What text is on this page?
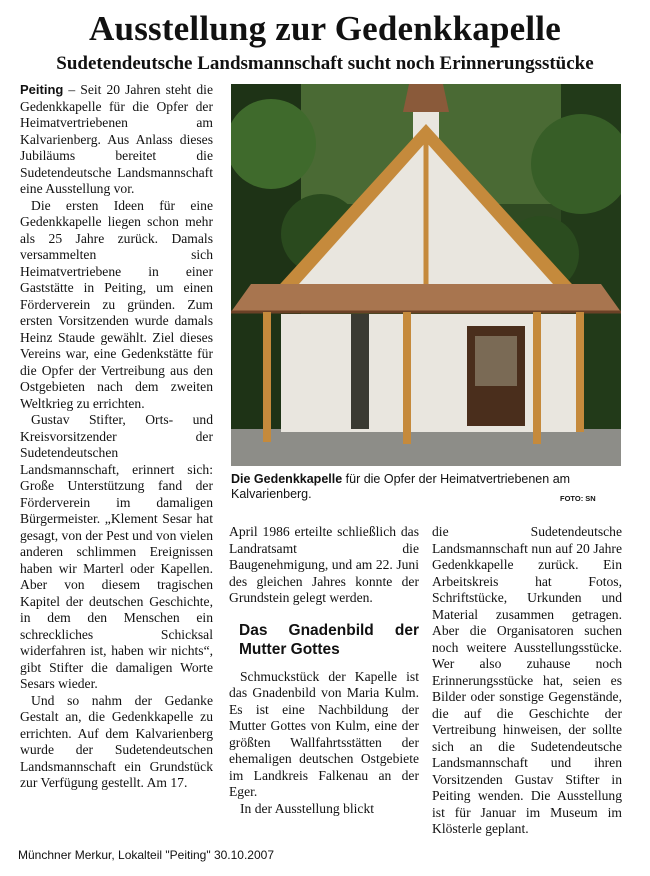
Ausstellung zur Gedenkkapelle
Sudetendeutsche Landsmannschaft sucht noch Erinnerungsstücke

Peiting – Seit 20 Jahren steht die Gedenkkapelle für die Opfer der Heimatvertriebenen am Kalvarienberg. Aus Anlass dieses Jubiläums bereitet die Sudetendeutsche Landsmannschaft eine Ausstellung vor.

Die ersten Ideen für eine Gedenkkapelle liegen schon mehr als 25 Jahre zurück. Damals versammelten sich Heimatvertriebene in einer Gaststätte in Peiting, um einen Förderverein zu gründen. Zum ersten Vorsitzenden wurde damals Heinz Staude gewählt. Ziel dieses Vereins war, eine Gedenkstätte für die Opfer der Vertreibung aus den Ostgebieten nach dem zweiten Weltkrieg zu errichten.

Gustav Stifter, Orts- und Kreisvorsitzender der Sudetendeutschen Landsmannschaft, erinnert sich: Große Unterstützung fand der Förderverein im damaligen Bürgermeister. „Klement Sesar hat gesagt, von der Pest und von vielen anderen schlimmen Ereignissen haben wir Marterl oder Kapellen. Aber von diesem tragischen Kapitel der deutschen Geschichte, in dem den Menschen ein schreckliches Schicksal widerfahren ist, haben wir nichts“, gibt Stifter die damaligen Worte Sesars wieder.

Und so nahm der Gedanke Gestalt an, die Gedenkkapelle zu errichten. Auf dem Kalvarienberg wurde der Sudetendeutschen Landsmannschaft ein Grundstück zur Verfügung gestellt. Am 17.

Die Gedenkkapelle für die Opfer der Heimatvertriebenen am Kalvarienberg.	FOTO: SN

April 1986 erteilte schließlich das Landratsamt die Baugenehmigung, und am 22. Juni des gleichen Jahres konnte der Grundstein gelegt werden.

Das Gnadenbild der Mutter Gottes

Schmuckstück der Kapelle ist das Gnadenbild von Maria Kulm. Es ist eine Nachbildung der Mutter Gottes von Kulm, eine der größten Wallfahrtsstätten der ehemaligen deutschen Ostgebiete im Landkreis Falkenau an der Eger.

In der Ausstellung blickt

die Sudetendeutsche Landsmannschaft nun auf 20 Jahre Gedenkkapelle zurück. Ein Arbeitskreis hat Fotos, Schriftstücke, Urkunden und Material zusammen getragen. Aber die Organisatoren suchen noch weitere Ausstellungsstücke. Wer also zuhause noch Erinnerungsstücke hat, seien es Bilder oder sonstige Gegenstände, die auf die Geschichte der Vertreibung hinweisen, der sollte sich an die Sudetendeutsche Landsmannschaft und ihren Vorsitzenden Gustav Stifter in Peiting wenden. Die Ausstellung ist für Januar im Museum im Klösterle geplant.

Münchner Merkur, Lokalteil "Peiting" 30.10.2007
